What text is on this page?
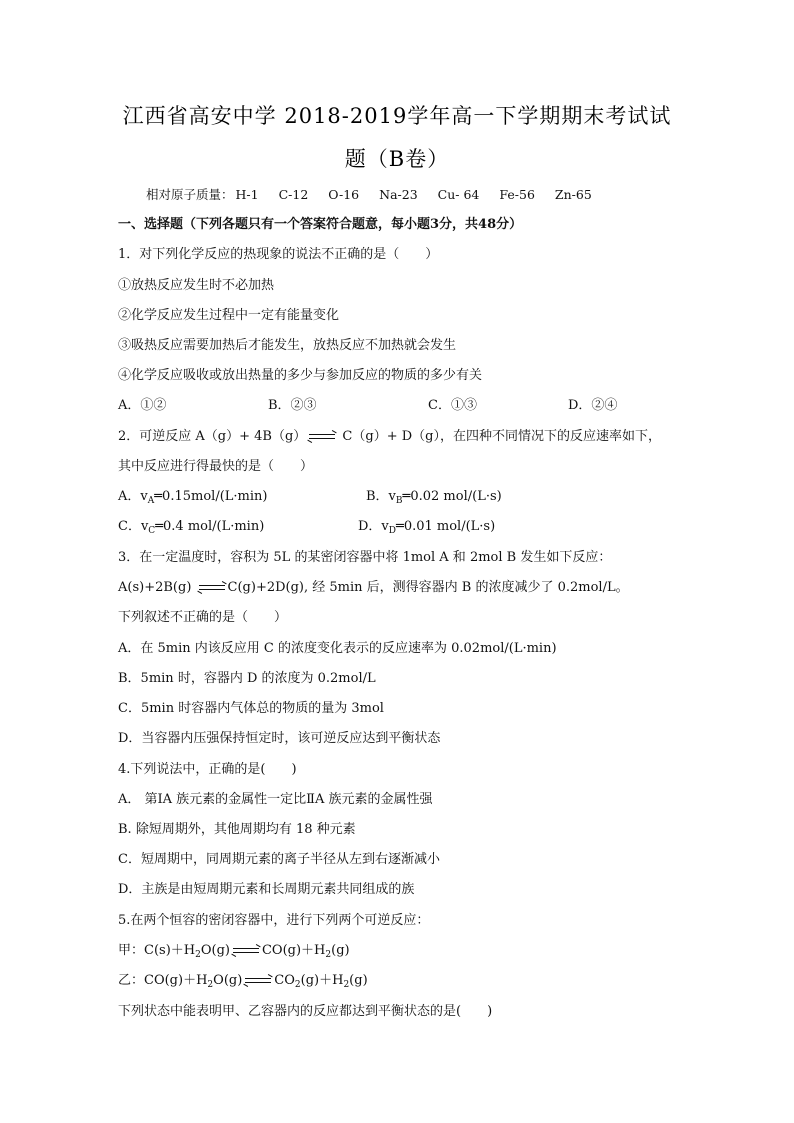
江西省高安中学 2018-2019学年高一下学期期末考试试
题（B卷）
相对原子质量： H-1 C-12 O-16 Na-23 Cu- 64 Fe-56 Zn-65
一、选择题（下列各题只有一个答案符合题意，每小题3分，共48分）
1．对下列化学反应的热现象的说法不正确的是（　　）
①放热反应发生时不必加热
②化学反应发生过程中一定有能量变化
③吸热反应需要加热后才能发生，放热反应不加热就会发生
④化学反应吸收或放出热量的多少与参加反应的物质的多少有关
A．①②	B．②③	C．①③	D．②④
2．可逆反应 A（g）+ 4B（g） → C（g）+ D（g），在四种不同情况下的反应速率如下，
其中反应进行得最快的是（　　）
A．$v_A═0.15mol/(L\cdot\min)$	B．$v_B═0.02$ mol/(L·s)
C．$v_C═0.4$ mol/(L·min)	D．$v_D═0.01$ mol/(L·s)
3．在一定温度时，容积为 5L 的某密闭容器中将 1mol A 和 2mol B 发生如下反应：
A(s)+2B(g) → C(g)+2D(g), 经 5min 后，测得容器内 B 的浓度减少了 0.2mol/L。
下列叙述不正确的是（　　）
A．在 5min 内该反应用 C 的浓度变化表示的反应速率为 0.02mol/(L·min)
B．5min 时，容器内 D 的浓度为 0.2mol/L
C．5min 时容器内气体总的物质的量为 3mol
D．当容器内压强保持恒定时，该可逆反应达到平衡状态
4.下列说法中，正确的是(　　)
A． 第ⅠA 族元素的金属性一定比ⅡA 族元素的金属性强
B. 除短周期外，其他周期均有 18 种元素
C．短周期中，同周期元素的离子半径从左到右逐渐减小
D．主族是由短周期元素和长周期元素共同组成的族
5.在两个恒容的密闭容器中，进行下列两个可逆反应：
甲：$C(s)+H_2O(g) \to CO(g)+H_2(g)$
乙：$CO(g)+H_2O(g) \to CO_2(g)+H_2(g)$
下列状态中能表明甲、乙容器内的反应都达到平衡状态的是(　　)
